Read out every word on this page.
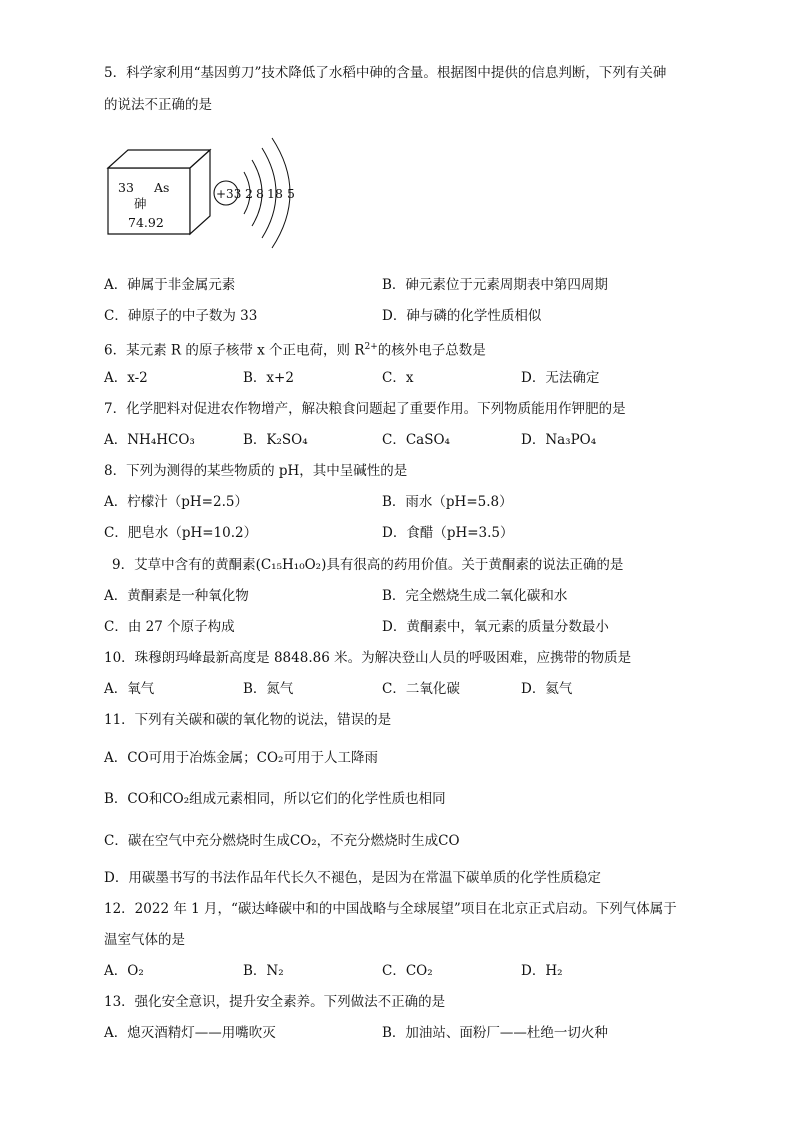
5．科学家利用“基因剪刀”技术降低了水稻中砷的含量。根据图中提供的信息判断，下列有关砷
的说法不正确的是
33 As
砷
74.92
+33 2 8 18 5
A．砷属于非金属元素	B．砷元素位于元素周期表中第四周期
C．砷原子的中子数为 33	D．砷与磷的化学性质相似
6．某元素 R 的原子核带 x 个正电荷，则 $R^{2+}$的核外电子总数是
A．x-2	B．x+2	C．x	D．无法确定
7．化学肥料对促进农作物增产，解决粮食问题起了重要作用。下列物质能用作钾肥的是
A．NH₄HCO₃	B．K₂SO₄	C．CaSO₄	D．Na₃PO₄
8．下列为测得的某些物质的 pH，其中呈碱性的是
A．柠檬汁（pH=2.5）	B．雨水（pH=5.8）
C．肥皂水（pH=10.2）	D．食醋（pH=3.5）
9．艾草中含有的黄酮素(C₁₅H₁₀O₂)具有很高的药用价值。关于黄酮素的说法正确的是
A．黄酮素是一种氧化物	B．完全燃烧生成二氧化碳和水
C．由 27 个原子构成	D．黄酮素中，氧元素的质量分数最小
10．珠穆朗玛峰最新高度是 8848.86 米。为解决登山人员的呼吸困难，应携带的物质是
A．氧气	B．氮气	C．二氧化碳	D．氦气
11．下列有关碳和碳的氧化物的说法，错误的是
A．CO可用于冶炼金属；CO₂可用于人工降雨
B．CO和CO₂组成元素相同，所以它们的化学性质也相同
C．碳在空气中充分燃烧时生成CO₂，不充分燃烧时生成CO
D．用碳墨书写的书法作品年代长久不褪色，是因为在常温下碳单质的化学性质稳定
12．2022 年 1 月，“碳达峰碳中和的中国战略与全球展望”项目在北京正式启动。下列气体属于
温室气体的是
A．O₂	B．N₂	C．CO₂	D．H₂
13．强化安全意识，提升安全素养。下列做法不正确的是
A．熄灭酒精灯——用嘴吹灭	B．加油站、面粉厂——杜绝一切火种
